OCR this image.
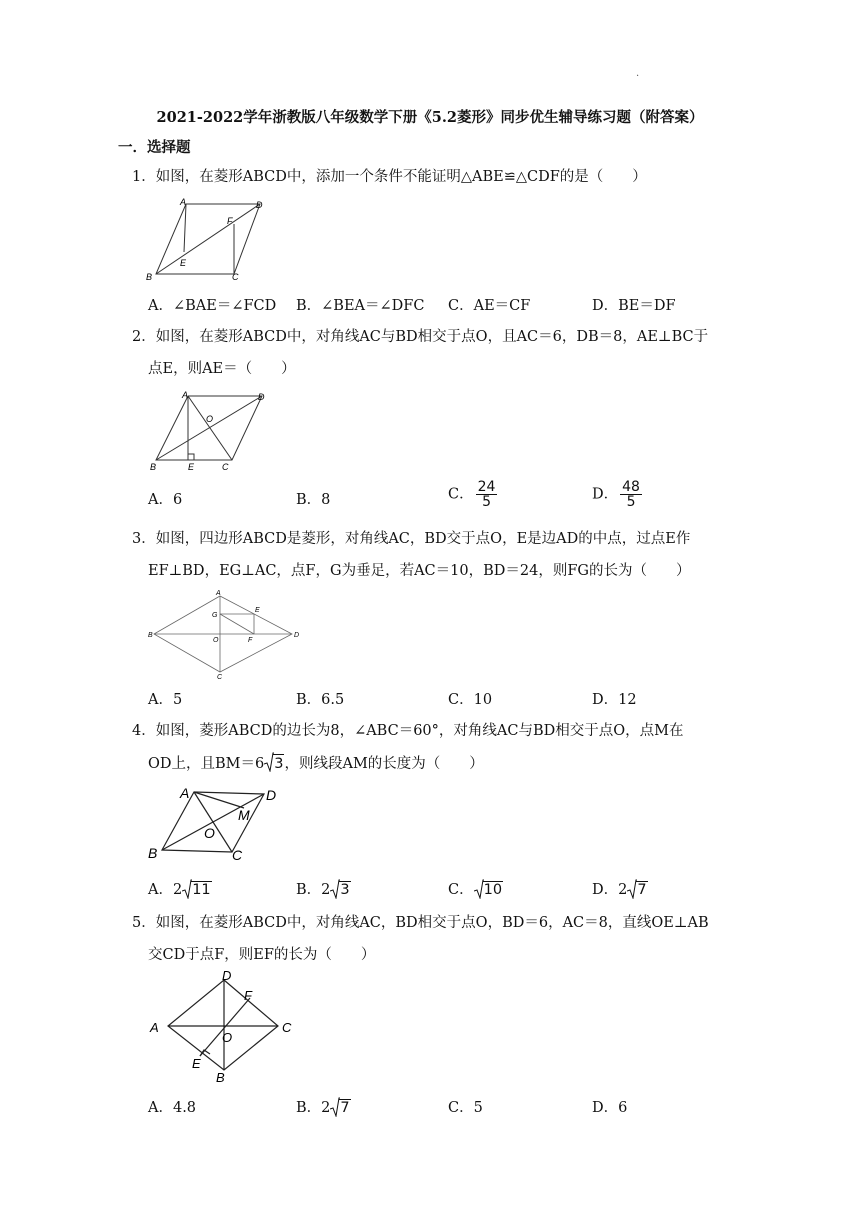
.
2021-2022学年浙教版八年级数学下册《5.2菱形》同步优生辅导练习题（附答案）
一．选择题
1．如图，在菱形ABCD中，添加一个条件不能证明△ABE≌△CDF的是（　　）
A	D
F
E
B	C
A．∠BAE＝∠FCD B．∠BEA＝∠DFC C．AE＝CF	D．BE＝DF
2．如图，在菱形ABCD中，对角线AC与BD相交于点O，且AC＝6，DB＝8，AE⊥BC于
点E，则AE＝（　　）
A	D
O
B	E	C
A．6	B．8	C． $\frac{24}{5}$	D． $\frac{48}{5}$
3．如图，四边形ABCD是菱形，对角线AC，BD交于点O，E是边AD的中点，过点E作
EF⊥BD，EG⊥AC，点F，G为垂足，若AC＝10，BD＝24，则FG的长为（　　）
A
G
E
B
O	F
D
C
A．5	B．6.5	C．10	D．12
4．如图，菱形ABCD的边长为8，∠ABC＝60°，对角线AC与BD相交于点O，点M在
OD上，且BM＝6 3，则线段AM的长度为（　　）
A	D
M
O
B	C
A．2 11	B．2 3	C． 10	D．2 7
5．如图，在菱形ABCD中，对角线AC，BD相交于点O，BD＝6，AC＝8，直线OE⊥AB
交CD于点F，则EF的长为（　　）
D
F
A	C
O
E
B
A．4.8	B．2 7	C．5	D．6
